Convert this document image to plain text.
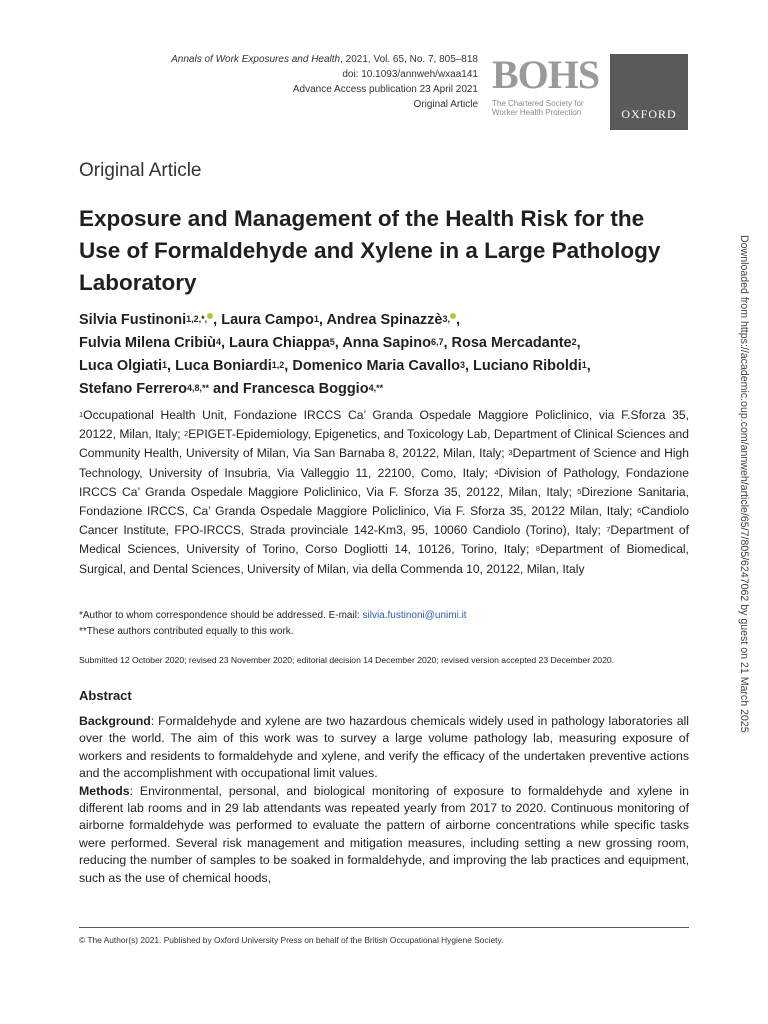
Annals of Work Exposures and Health, 2021, Vol. 65, No. 7, 805–818
doi: 10.1093/annweh/wxaa141
Advance Access publication 23 April 2021
Original Article
BOHS
The Chartered Society for
Worker Health Protection	OXFORD
Original Article
Exposure and Management of the Health Risk for the Use of Formaldehyde and Xylene in a Large Pathology Laboratory
Silvia Fustinoni$^{1,2,*,}$ , Laura Campo$^1$, Andrea Spinazzè$^{3,}$ ,
Fulvia Milena Cribiù$^4$, Laura Chiappa$^5$, Anna Sapino$^{6,7}$, Rosa Mercadante$^2$,
Luca Olgiati$^1$, Luca Boniardi$^{1,2}$, Domenico Maria Cavallo$^3$, Luciano Riboldi$^1$,
Stefano Ferrero$^{4,8,**}$ and Francesca Boggio$^{4,**}$
$^1$Occupational Health Unit, Fondazione IRCCS Ca’ Granda Ospedale Maggiore Policlinico, via F.Sforza 35, 20122, Milan, Italy; $^2$EPIGET-Epidemiology, Epigenetics, and Toxicology Lab, Department of Clinical Sciences and Community Health, University of Milan, Via San Barnaba 8, 20122, Milan, Italy; $^3$Department of Science and High Technology, University of Insubria, Via Valleggio 11, 22100, Como, Italy; $^4$Division of Pathology, Fondazione IRCCS Ca’ Granda Ospedale Maggiore Policlinico, Via F. Sforza 35, 20122, Milan, Italy; $^5$Direzione Sanitaria, Fondazione IRCCS, Ca’ Granda Ospedale Maggiore Policlinico, Via F. Sforza 35, 20122 Milan, Italy; $^6$Candiolo Cancer Institute, FPO-IRCCS, Strada provinciale 142-Km3, 95, 10060 Candiolo (Torino), Italy; $^7$Department of Medical Sciences, University of Torino, Corso Dogliotti 14, 10126, Torino, Italy; $^8$Department of Biomedical, Surgical, and Dental Sciences, University of Milan, via della Commenda 10, 20122, Milan, Italy
*Author to whom correspondence should be addressed. E-mail: silvia.fustinoni@unimi.it
**These authors contributed equally to this work.
Submitted 12 October 2020; revised 23 November 2020; editorial decision 14 December 2020; revised version accepted 23 December 2020.
Abstract
Background: Formaldehyde and xylene are two hazardous chemicals widely used in pathology laboratories all over the world. The aim of this work was to survey a large volume pathology lab, measuring exposure of workers and residents to formaldehyde and xylene, and verify the efficacy of the undertaken preventive actions and the accomplishment with occupational limit values.
Methods: Environmental, personal, and biological monitoring of exposure to formaldehyde and xylene in different lab rooms and in 29 lab attendants was repeated yearly from 2017 to 2020. Continuous monitoring of airborne formaldehyde was performed to evaluate the pattern of airborne concentrations while specific tasks were performed. Several risk management and mitigation measures, including setting a new grossing room, reducing the number of samples to be soaked in formaldehyde, and improving the lab practices and equipment, such as the use of chemical hoods,
© The Author(s) 2021. Published by Oxford University Press on behalf of the British Occupational Hygiene Society.
Downloaded from https://academic.oup.com/annweh/article/65/7/805/6247062 by guest on 21 March 2025
